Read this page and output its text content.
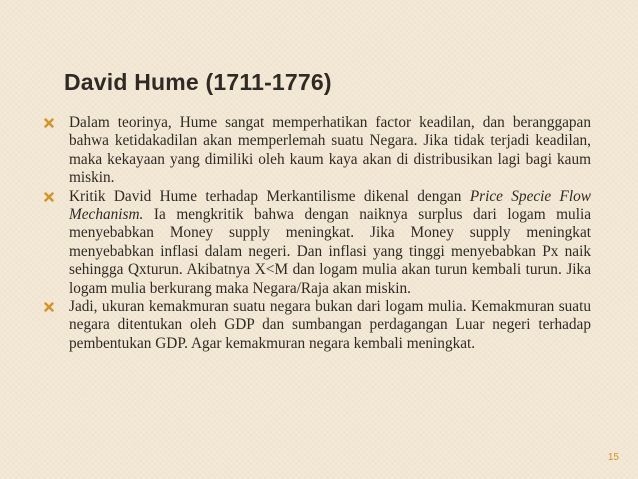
David Hume (1711-1776)
Dalam teorinya, Hume sangat memperhatikan factor keadilan, dan beranggapan bahwa ketidakadilan akan memperlemah suatu Negara. Jika tidak terjadi keadilan, maka kekayaan yang dimiliki oleh kaum kaya akan di distribusikan lagi bagi kaum miskin.
Kritik David Hume terhadap Merkantilisme dikenal dengan Price Specie Flow Mechanism. Ia mengkritik bahwa dengan naiknya surplus dari logam mulia menyebabkan Money supply meningkat. Jika Money supply meningkat menyebabkan inflasi dalam negeri. Dan inflasi yang tinggi menyebabkan Px naik sehingga Qxturun. Akibatnya X<M dan logam mulia akan turun kembali turun. Jika logam mulia berkurang maka Negara/Raja akan miskin.
Jadi, ukuran kemakmuran suatu negara bukan dari logam mulia. Kemakmuran suatu negara ditentukan oleh GDP dan sumbangan perdagangan Luar negeri terhadap pembentukan GDP. Agar kemakmuran negara kembali meningkat.
15
